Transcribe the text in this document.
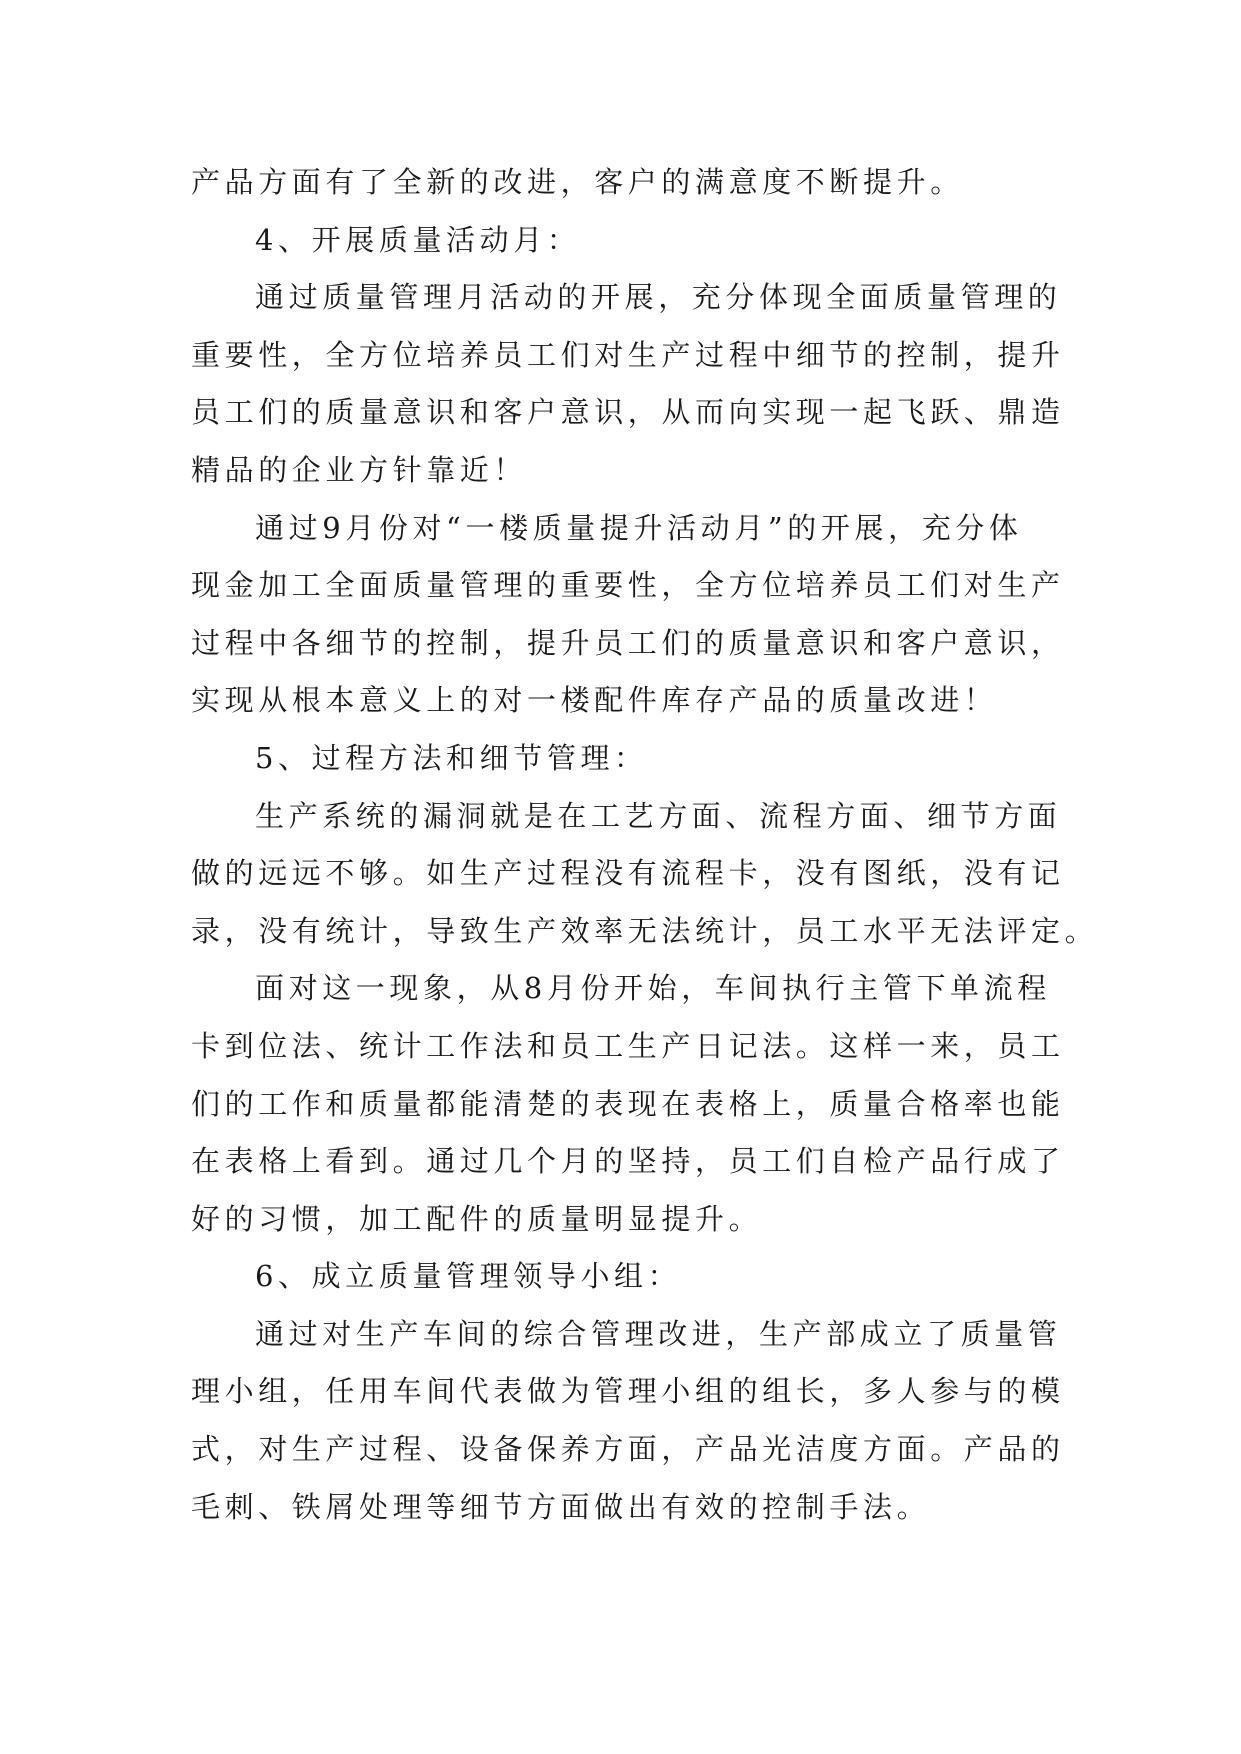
产品方面有了全新的改进，客户的满意度不断提升。
4、开展质量活动月：
通过质量管理月活动的开展，充分体现全面质量管理的
重要性，全方位培养员工们对生产过程中细节的控制，提升
员工们的质量意识和客户意识，从而向实现一起飞跃、鼎造
精品的企业方针靠近！
通过9月份对“一楼质量提升活动月”的开展，充分体
现金加工全面质量管理的重要性，全方位培养员工们对生产
过程中各细节的控制，提升员工们的质量意识和客户意识，
实现从根本意义上的对一楼配件库存产品的质量改进！
5、过程方法和细节管理：
生产系统的漏洞就是在工艺方面、流程方面、细节方面
做的远远不够。如生产过程没有流程卡，没有图纸，没有记
录，没有统计，导致生产效率无法统计，员工水平无法评定。
面对这一现象，从8月份开始，车间执行主管下单流程
卡到位法、统计工作法和员工生产日记法。这样一来，员工
们的工作和质量都能清楚的表现在表格上，质量合格率也能
在表格上看到。通过几个月的坚持，员工们自检产品行成了
好的习惯，加工配件的质量明显提升。
6、成立质量管理领导小组：
通过对生产车间的综合管理改进，生产部成立了质量管
理小组，任用车间代表做为管理小组的组长，多人参与的模
式，对生产过程、设备保养方面，产品光洁度方面。产品的
毛刺、铁屑处理等细节方面做出有效的控制手法。
